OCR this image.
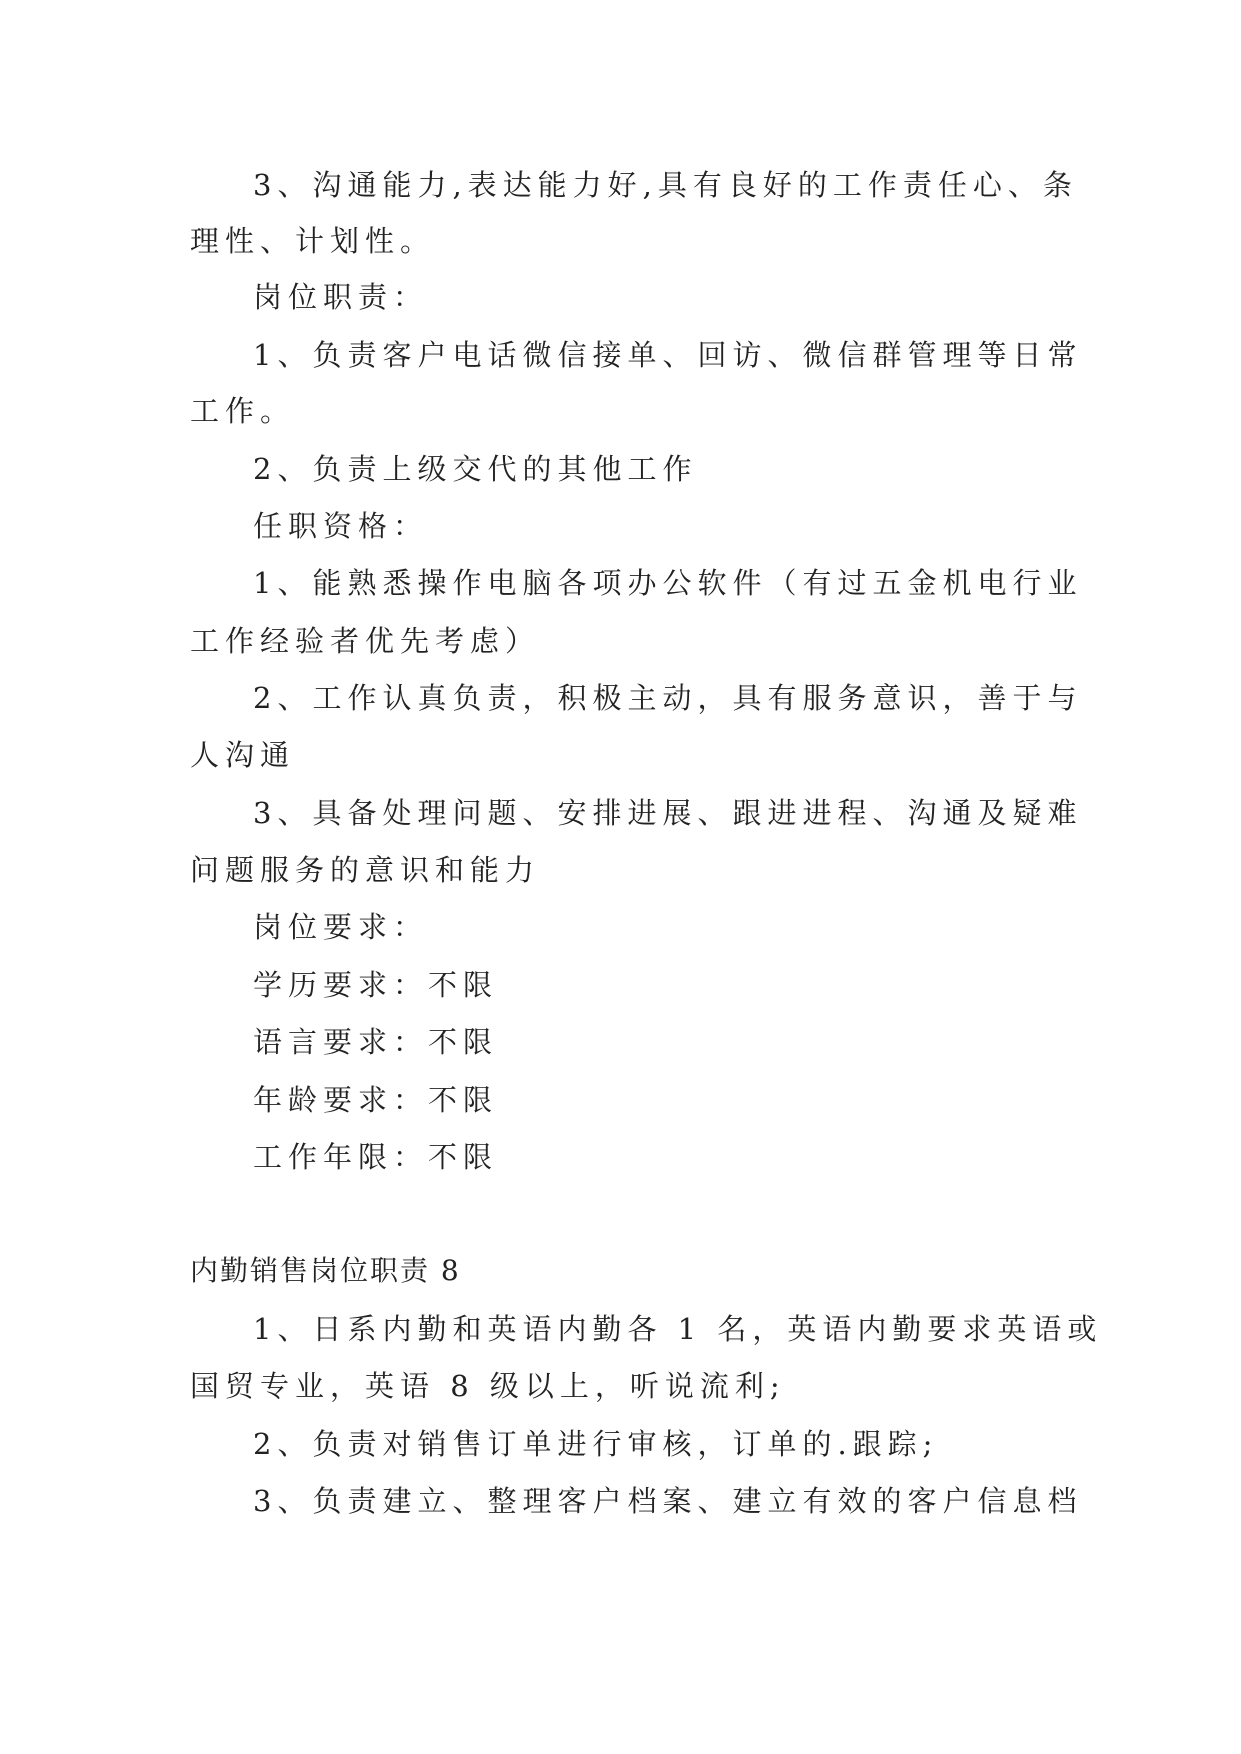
3、沟通能力,表达能力好,具有良好的工作责任心、条
理性、计划性。
岗位职责：
1、负责客户电话微信接单、回访、微信群管理等日常
工作。
2、负责上级交代的其他工作
任职资格：
1、能熟悉操作电脑各项办公软件（有过五金机电行业
工作经验者优先考虑）
2、工作认真负责，积极主动，具有服务意识，善于与
人沟通
3、具备处理问题、安排进展、跟进进程、沟通及疑难
问题服务的意识和能力
岗位要求：
学历要求：不限
语言要求：不限
年龄要求：不限
工作年限：不限
内勤销售岗位职责 8
1、日系内勤和英语内勤各 1 名，英语内勤要求英语或
国贸专业，英语 8 级以上，听说流利;
2、负责对销售订单进行审核，订单的.跟踪;
3、负责建立、整理客户档案、建立有效的客户信息档
